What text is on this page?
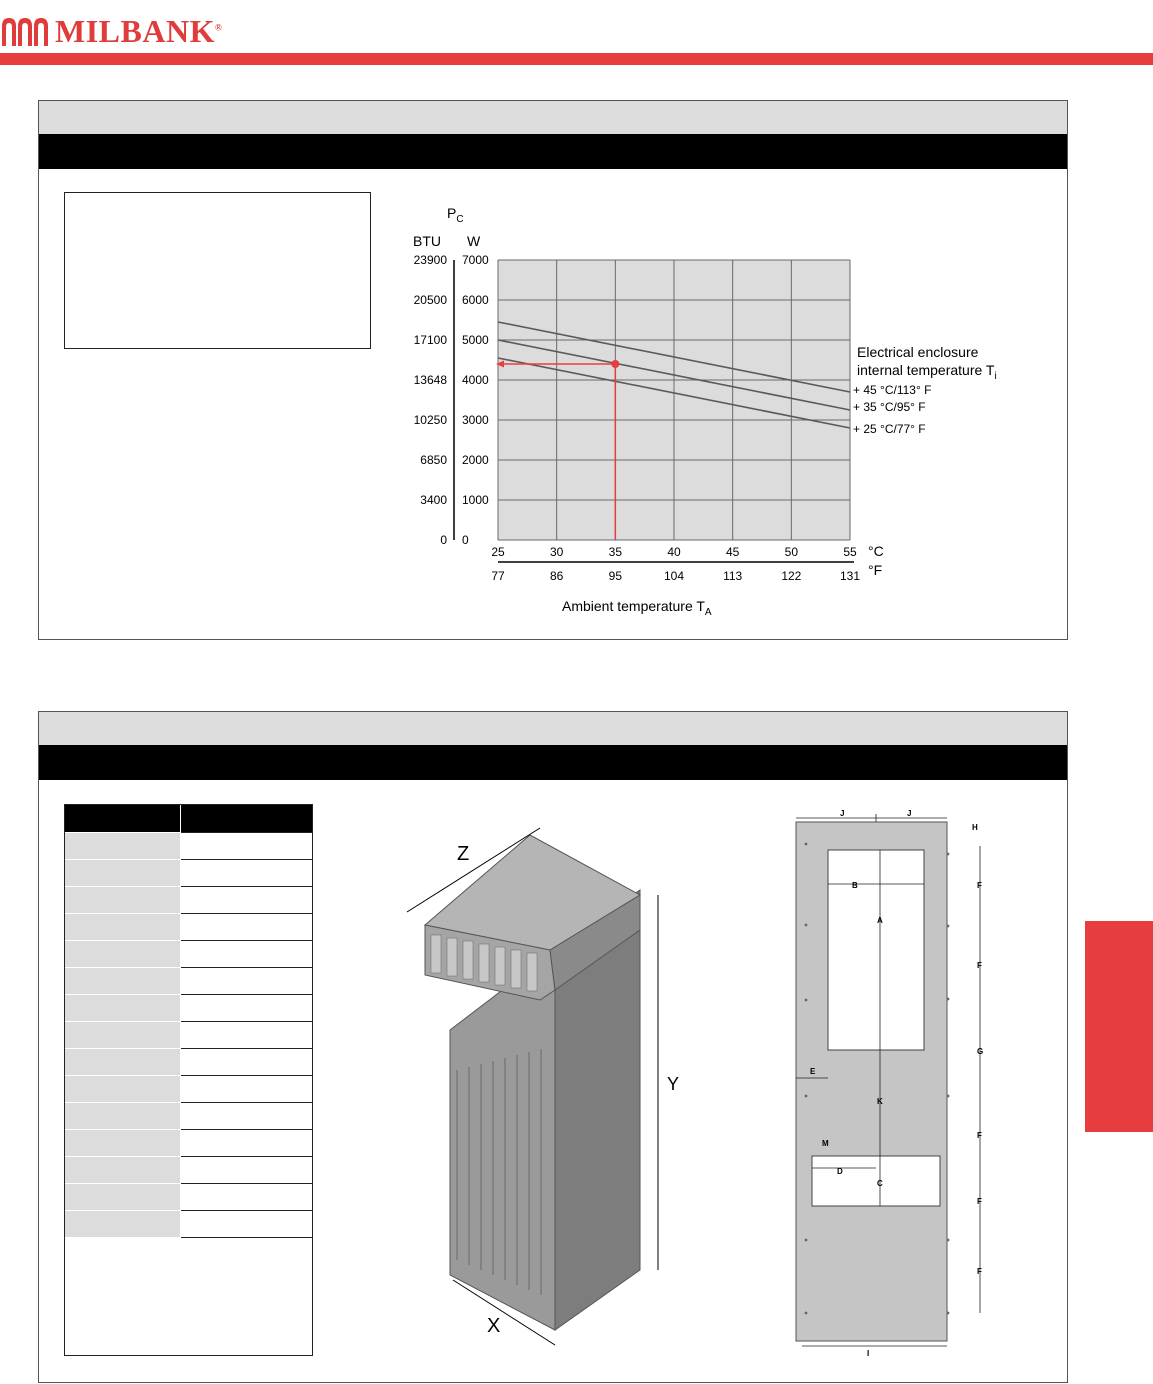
MILBANK®
7000
23900
6000
20500
5000
17100
4000
13648
3000
10250
2000
6850
1000
3400
0
0
25
77
30
86
35
95
40
104
45
113
50
122
55
131
$P_C$
BTU W
°C
°F
Ambient temperature $T_A$
Electrical enclosure
internal temperature $T_i$
+ 45 °C/113° F
+ 35 °C/95° F
+ 25 °C/77° F

Z
Y
X
J	J
H
B
A
F
F
G
E
K
M
D
C
F
F
F
I
